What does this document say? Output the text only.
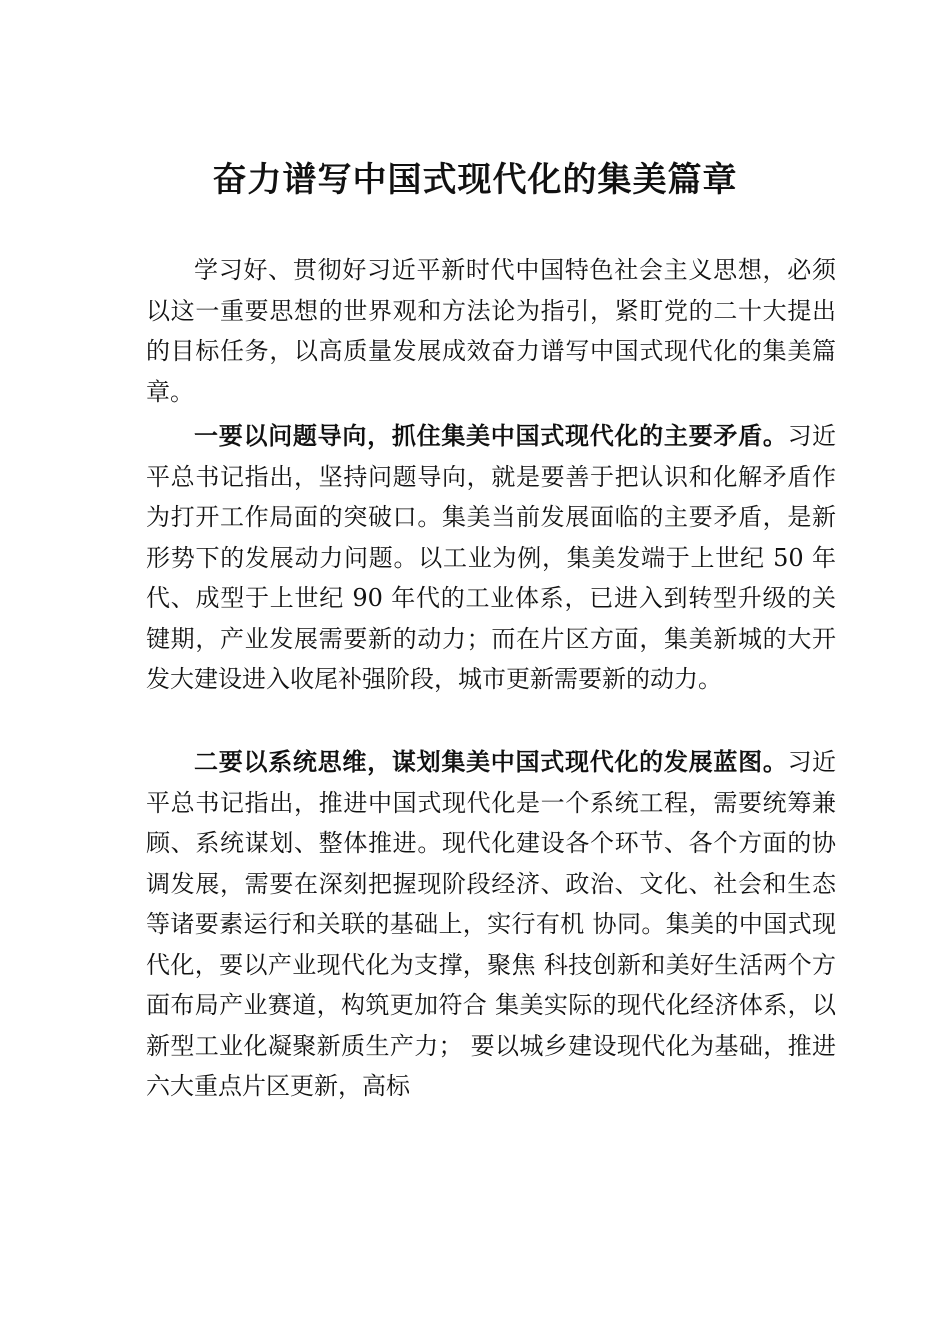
奋力谱写中国式现代化的集美篇章

学习好、贯彻好习近平新时代中国特色社会主义思想，必须以这一重要思想的世界观和方法论为指引，紧盯党的二十大提出的目标任务，以高质量发展成效奋力谱写中国式现代化的集美篇章。

一要以问题导向，抓住集美中国式现代化的主要矛盾。习近平总书记指出，坚持问题导向，就是要善于把认识和化解矛盾作为打开工作局面的突破口。集美当前发展面临的主要矛盾，是新形势下的发展动力问题。以工业为例，集美发端于上世纪 50 年代、成型于上世纪 90 年代的工业体系，已进入到转型升级的关键期，产业发展需要新的动力；而在片区方面，集美新城的大开发大建设进入收尾补强阶段，城市更新需要新的动力。

二要以系统思维，谋划集美中国式现代化的发展蓝图。习近平总书记指出，推进中国式现代化是一个系统工程，需要统筹兼顾、系统谋划、整体推进。现代化建设各个环节、各个方面的协调发展，需要在深刻把握现阶段经济、政治、文化、社会和生态等诸要素运行和关联的基础上，实行有机 协同。集美的中国式现代化，要以产业现代化为支撑，聚焦 科技创新和美好生活两个方面布局产业赛道，构筑更加符合 集美实际的现代化经济体系，以新型工业化凝聚新质生产力； 要以城乡建设现代化为基础，推进六大重点片区更新，高标
